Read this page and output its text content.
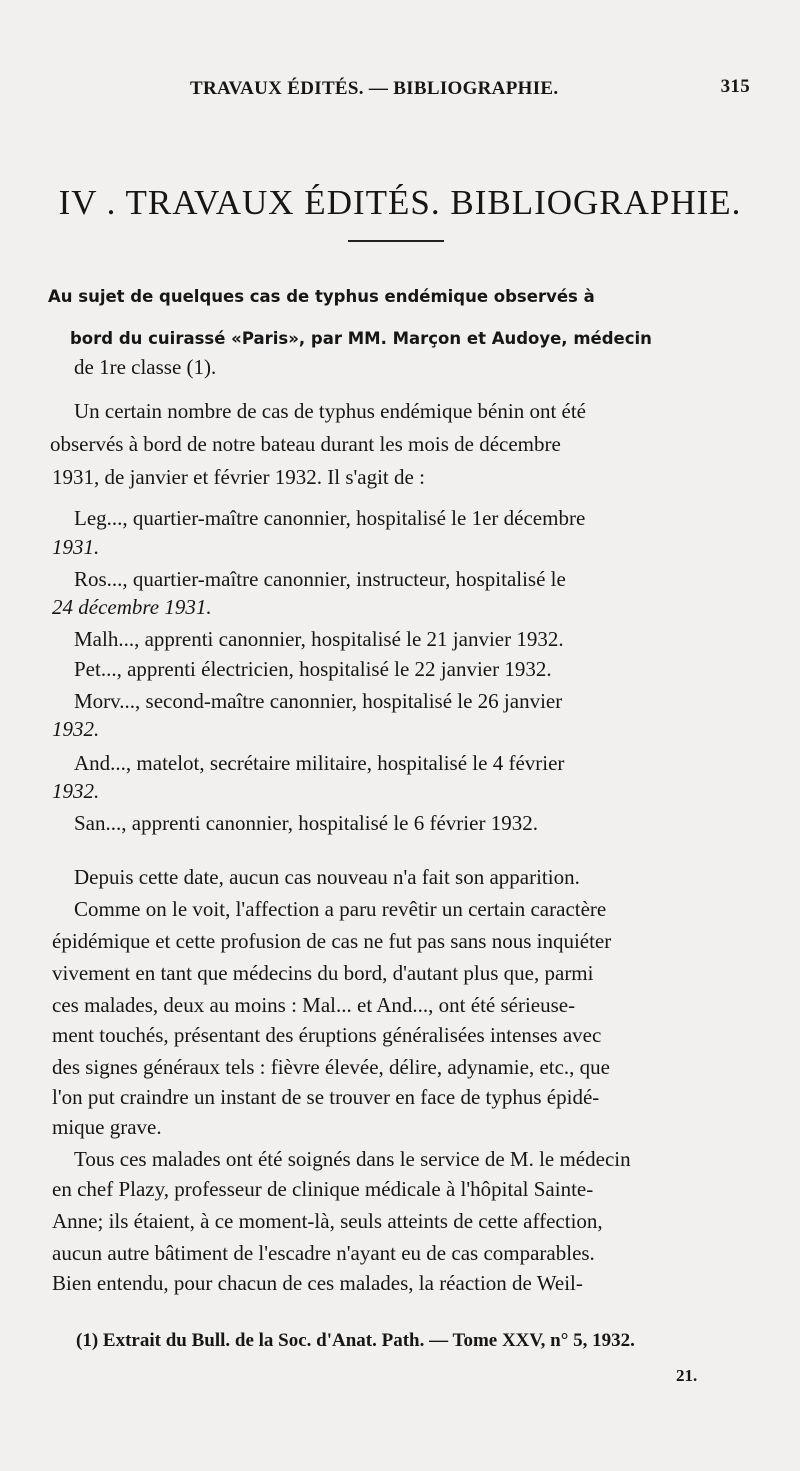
TRAVAUX ÉDITÉS. — BIBLIOGRAPHIE.	315
IV . TRAVAUX ÉDITÉS. BIBLIOGRAPHIE.
Au sujet de quelques cas de typhus endémique observés à
bord du cuirassé «Paris», par MM. Marçon et Audoye, médecin
de 1re classe (1).
Un certain nombre de cas de typhus endémique bénin ont été
observés à bord de notre bateau durant les mois de décembre
1931, de janvier et février 1932. Il s'agit de :
Leg..., quartier-maître canonnier, hospitalisé le 1er décembre
1931.
Ros..., quartier-maître canonnier, instructeur, hospitalisé le
24 décembre 1931.
Malh..., apprenti canonnier, hospitalisé le 21 janvier 1932.
Pet..., apprenti électricien, hospitalisé le 22 janvier 1932.
Morv..., second-maître canonnier, hospitalisé le 26 janvier
1932.
And..., matelot, secrétaire militaire, hospitalisé le 4 février
1932.
San..., apprenti canonnier, hospitalisé le 6 février 1932.
Depuis cette date, aucun cas nouveau n'a fait son apparition.
Comme on le voit, l'affection a paru revêtir un certain caractère
épidémique et cette profusion de cas ne fut pas sans nous inquiéter
vivement en tant que médecins du bord, d'autant plus que, parmi
ces malades, deux au moins : Mal... et And..., ont été sérieuse-
ment touchés, présentant des éruptions généralisées intenses avec
des signes généraux tels : fièvre élevée, délire, adynamie, etc., que
l'on put craindre un instant de se trouver en face de typhus épidé-
mique grave.
Tous ces malades ont été soignés dans le service de M. le médecin
en chef Plazy, professeur de clinique médicale à l'hôpital Sainte-
Anne; ils étaient, à ce moment-là, seuls atteints de cette affection,
aucun autre bâtiment de l'escadre n'ayant eu de cas comparables.
Bien entendu, pour chacun de ces malades, la réaction de Weil-
(1) Extrait du Bull. de la Soc. d'Anat. Path. — Tome XXV, n° 5, 1932.
21.
